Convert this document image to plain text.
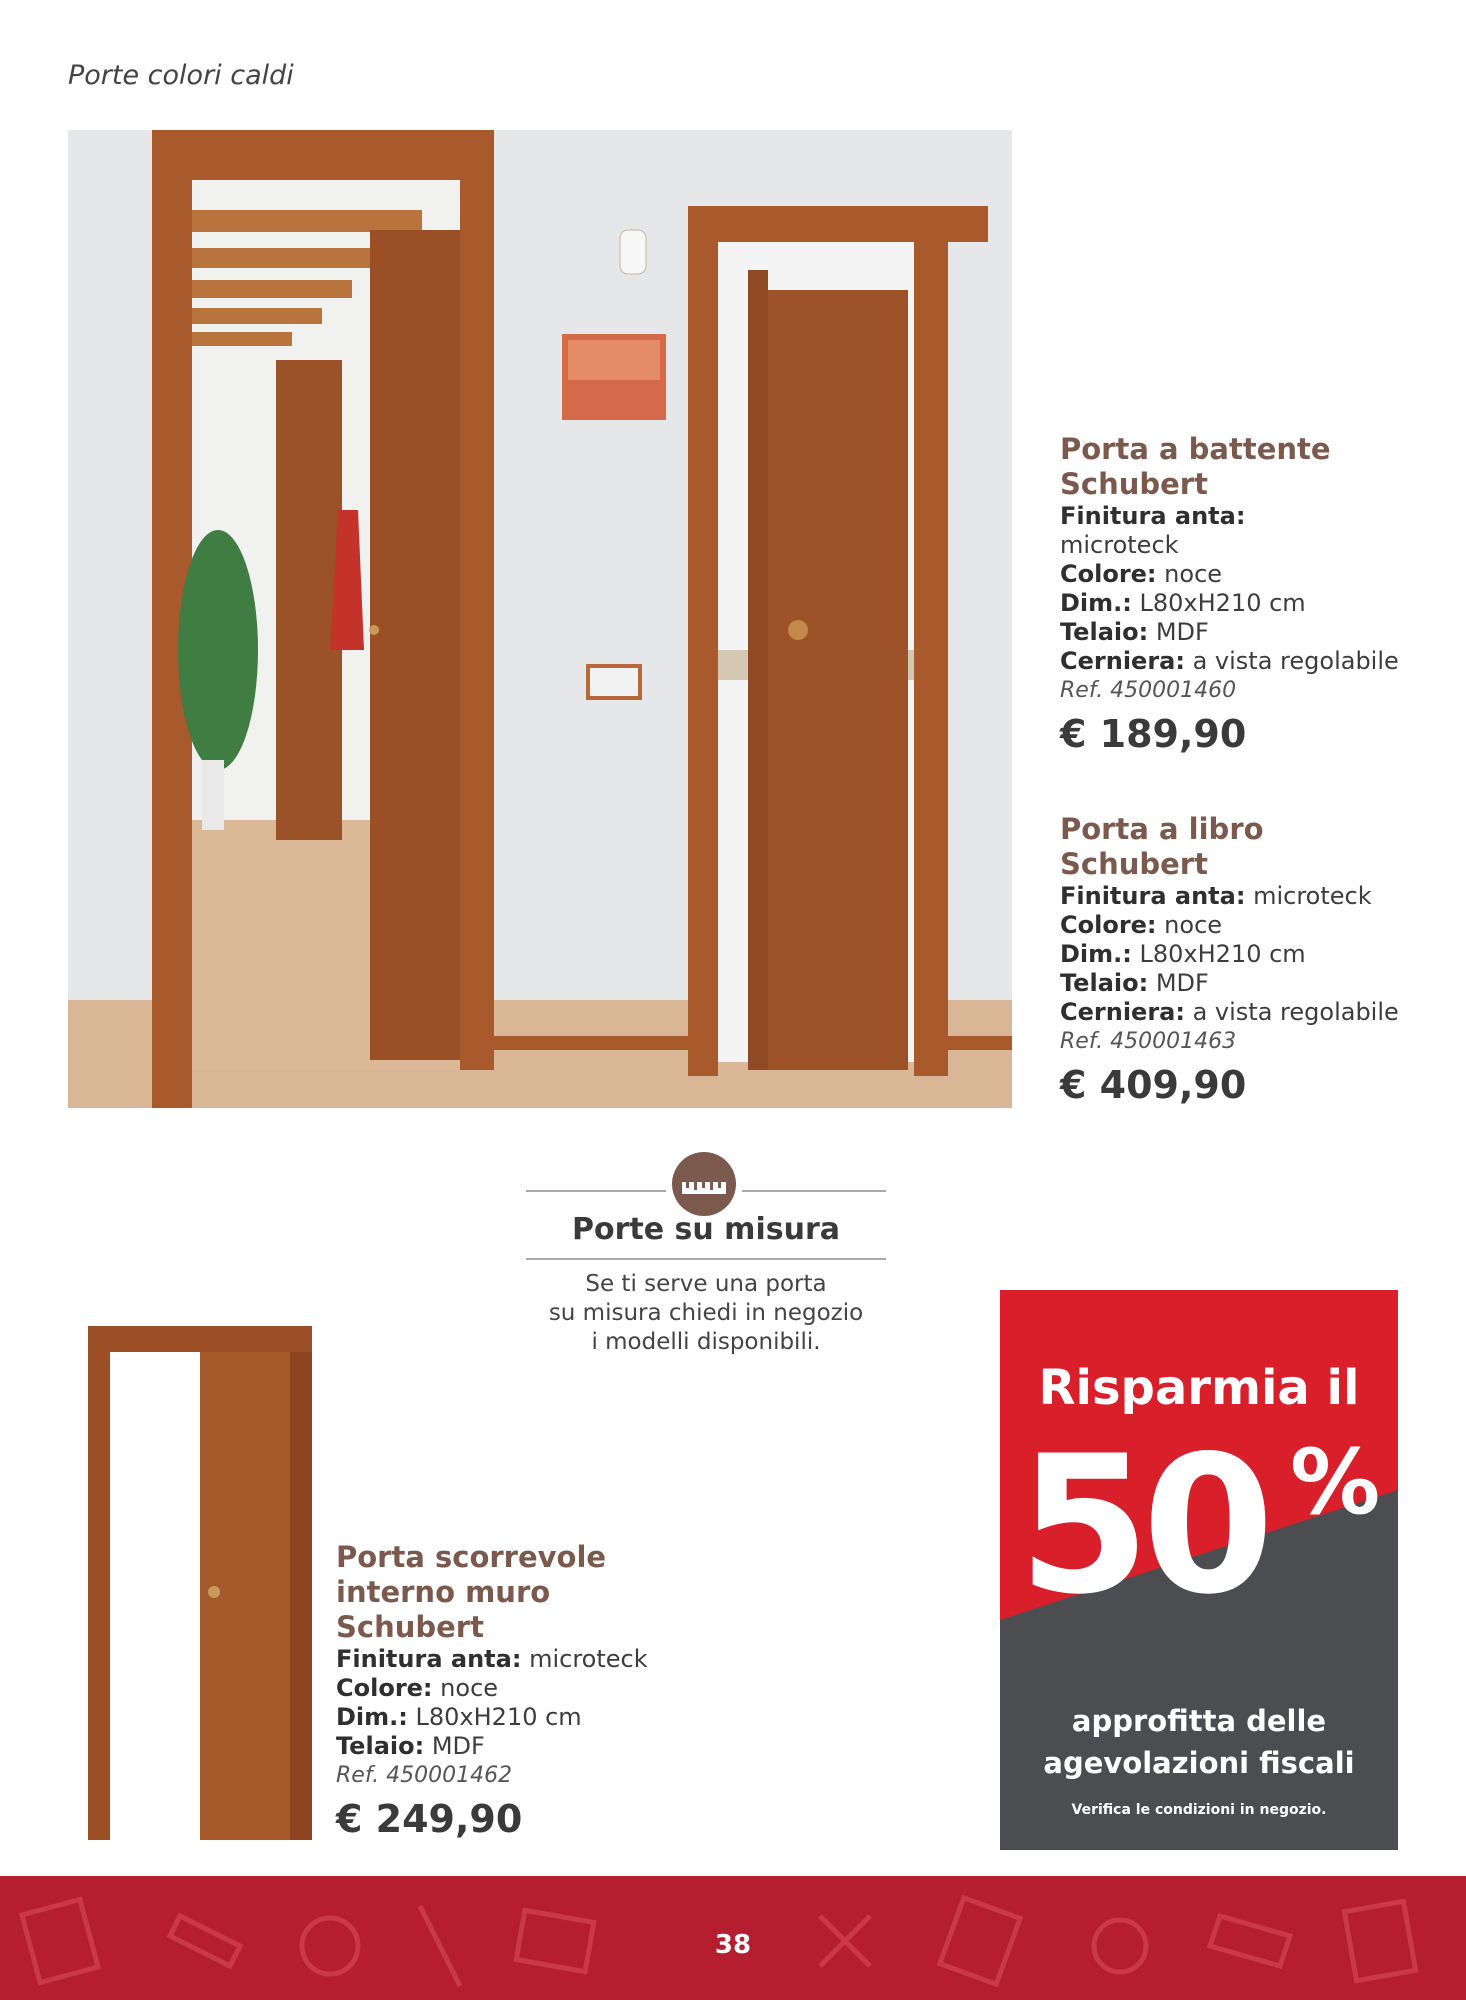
Porte colori caldi
Porta a battente
Schubert
Finitura anta:
microteck
Colore: noce
Dim.: L80xH210 cm
Telaio: MDF
Cerniera: a vista regolabile
Ref. 450001460
€ 189,90
Porta a libro
Schubert
Finitura anta: microteck
Colore: noce
Dim.: L80xH210 cm
Telaio: MDF
Cerniera: a vista regolabile
Ref. 450001463
€ 409,90
Porte su misura
Se ti serve una porta
su misura chiedi in negozio
i modelli disponibili.
Porta scorrevole
interno muro
Schubert
Finitura anta: microteck
Colore: noce
Dim.: L80xH210 cm
Telaio: MDF
Ref. 450001462
€ 249,90
Risparmia il
50 %
approfitta delle
agevolazioni fiscali
Verifica le condizioni in negozio.
38
